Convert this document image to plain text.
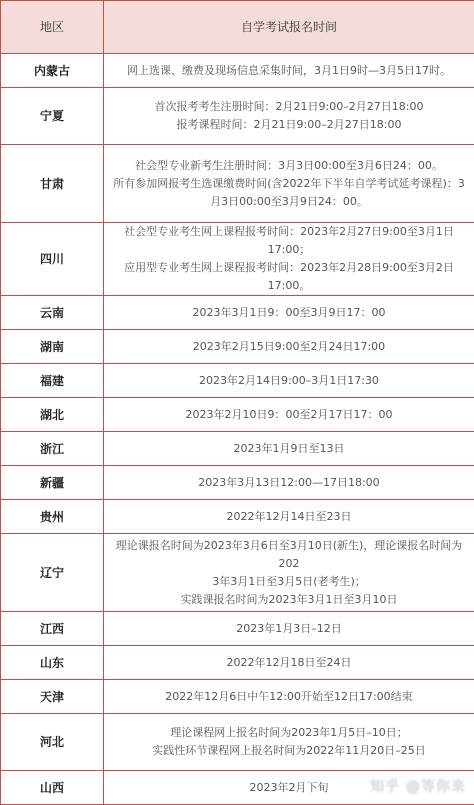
地区	自学考试报名时间
内蒙古	网上选课、缴费及现场信息采集时间，3月1日9时—3月5日17时。

宁夏	首次报考考生注册时间：2月21日9:00–2月27日18:00
报考课程时间：2月21日9:00–2月27日18:00

甘肃	社会型专业新考生注册时间：3月3日00:00至3月6日24：00。
所有参加网报考生选课缴费时间(含2022年下半年自学考试延考课程)：3
月3日00:00至3月9日24：00。

四川	社会型专业考生网上课程报考时间：2023年2月27日9:00至3月1日17:00；
应用型专业考生网上课程报考时间：2023年2月28日9:00至3月2日17:00。

云南	2023年3月1日9：00至3月9日17：00

湖南	2023年2月15日9:00至2月24日17:00

福建	2023年2月14日9:00–3月1日17:30

湖北	2023年2月10日9：00至2月17日17：00

浙江	2023年1月9日至13日

新疆	2023年3月13日12:00—17日18:00

贵州	2022年12月14日至23日

辽宁	理论课报名时间为2023年3月6日至3月10日(新生)，理论课报名时间为202
3年3月1日至3月5日(老考生)；
实践课报名时间为2023年3月1日至3月10日

江西	2023年1月3日–12日

山东	2022年12月18日至24日

天津	2022年12月6日中午12:00开始至12日17:00结束

河北	理论课程网上报名时间为2023年1月5日–10日；
实践性环节课程网上报名时间为2022年11月20日–25日

山西	2023年2月下旬	知乎 @等你来
